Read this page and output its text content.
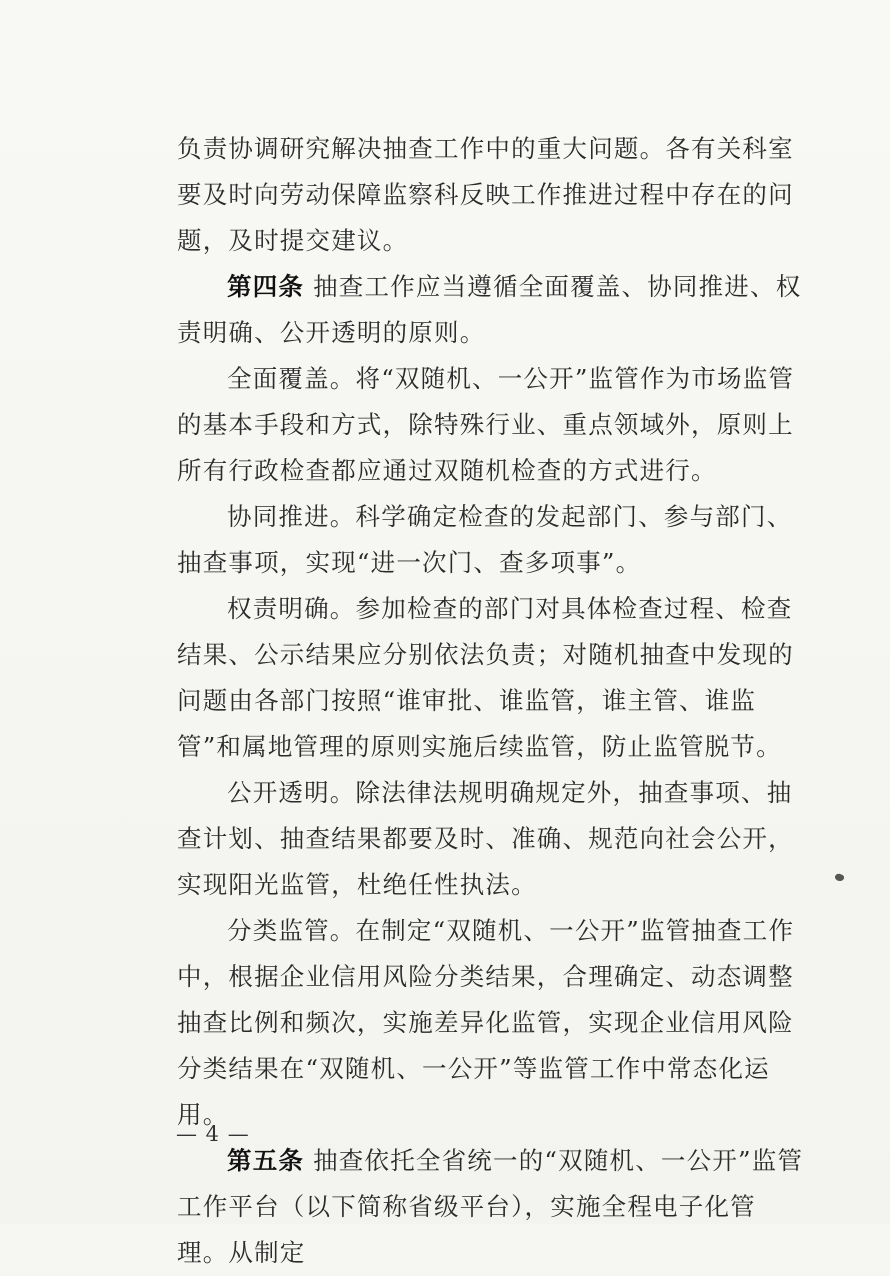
负责协调研究解决抽查工作中的重大问题。各有关科室要及时向劳动保障监察科反映工作推进过程中存在的问题，及时提交建议。

第四条 抽查工作应当遵循全面覆盖、协同推进、权责明确、公开透明的原则。

全面覆盖。将“双随机、一公开”监管作为市场监管的基本手段和方式，除特殊行业、重点领域外，原则上所有行政检查都应通过双随机检查的方式进行。

协同推进。科学确定检查的发起部门、参与部门、抽查事项，实现“进一次门、查多项事”。

权责明确。参加检查的部门对具体检查过程、检查结果、公示结果应分别依法负责；对随机抽查中发现的问题由各部门按照“谁审批、谁监管，谁主管、谁监管”和属地管理的原则实施后续监管，防止监管脱节。

公开透明。除法律法规明确规定外，抽查事项、抽查计划、抽查结果都要及时、准确、规范向社会公开，实现阳光监管，杜绝任性执法。

分类监管。在制定“双随机、一公开”监管抽查工作中，根据企业信用风险分类结果，合理确定、动态调整抽查比例和频次，实施差异化监管，实现企业信用风险分类结果在“双随机、一公开”等监管工作中常态化运用。

第五条 抽查依托全省统一的“双随机、一公开”监管工作平台（以下简称省级平台），实施全程电子化管理。从制定

— 4 —
